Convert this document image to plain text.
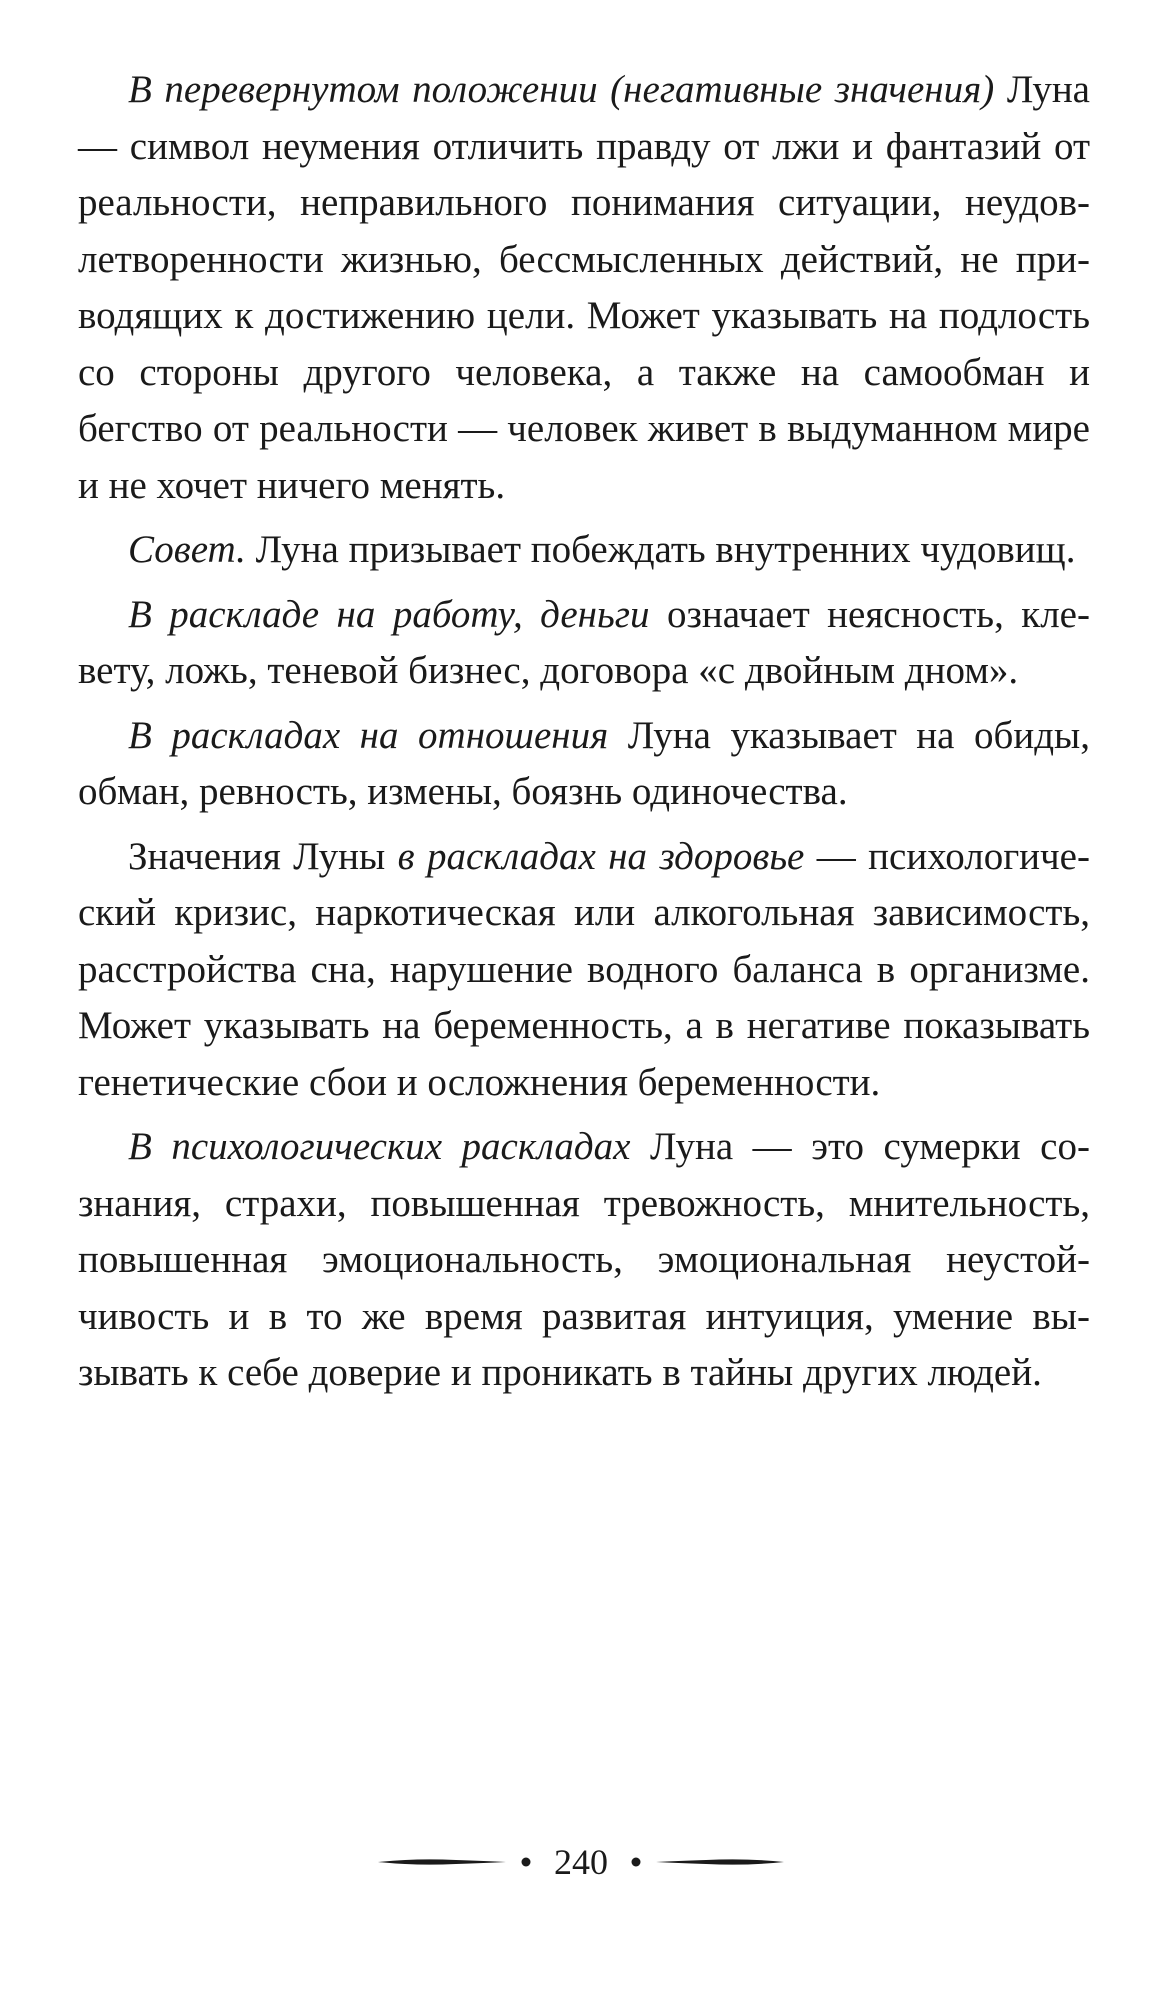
В перевернутом положении (негативные значения) Луна — символ неумения отличить правду от лжи и фантазий от реальности, неправильного понимания ситуации, неудовлетворенности жизнью, бессмысленных действий, не приводящих к достижению цели. Может указывать на подлость со стороны другого человека, а также на самообман и бегство от реальности — человек живет в выдуманном мире и не хочет ничего менять.

Совет. Луна призывает побеждать внутренних чудовищ.

В раскладе на работу, деньги означает неясность, клевету, ложь, теневой бизнес, договора «с двойным дном».

В раскладах на отношения Луна указывает на обиды, обман, ревность, измены, боязнь одиночества.

Значения Луны в раскладах на здоровье — психологический кризис, наркотическая или алкогольная зависимость, расстройства сна, нарушение водного баланса в организме. Может указывать на беременность, а в негативе показывать генетические сбои и осложнения беременности.

В психологических раскладах Луна — это сумерки сознания, страхи, повышенная тревожность, мнительность, повышенная эмоциональность, эмоциональная неустойчивость и в то же время развитая интуиция, умение вызывать к себе доверие и проникать в тайны других людей.

240
